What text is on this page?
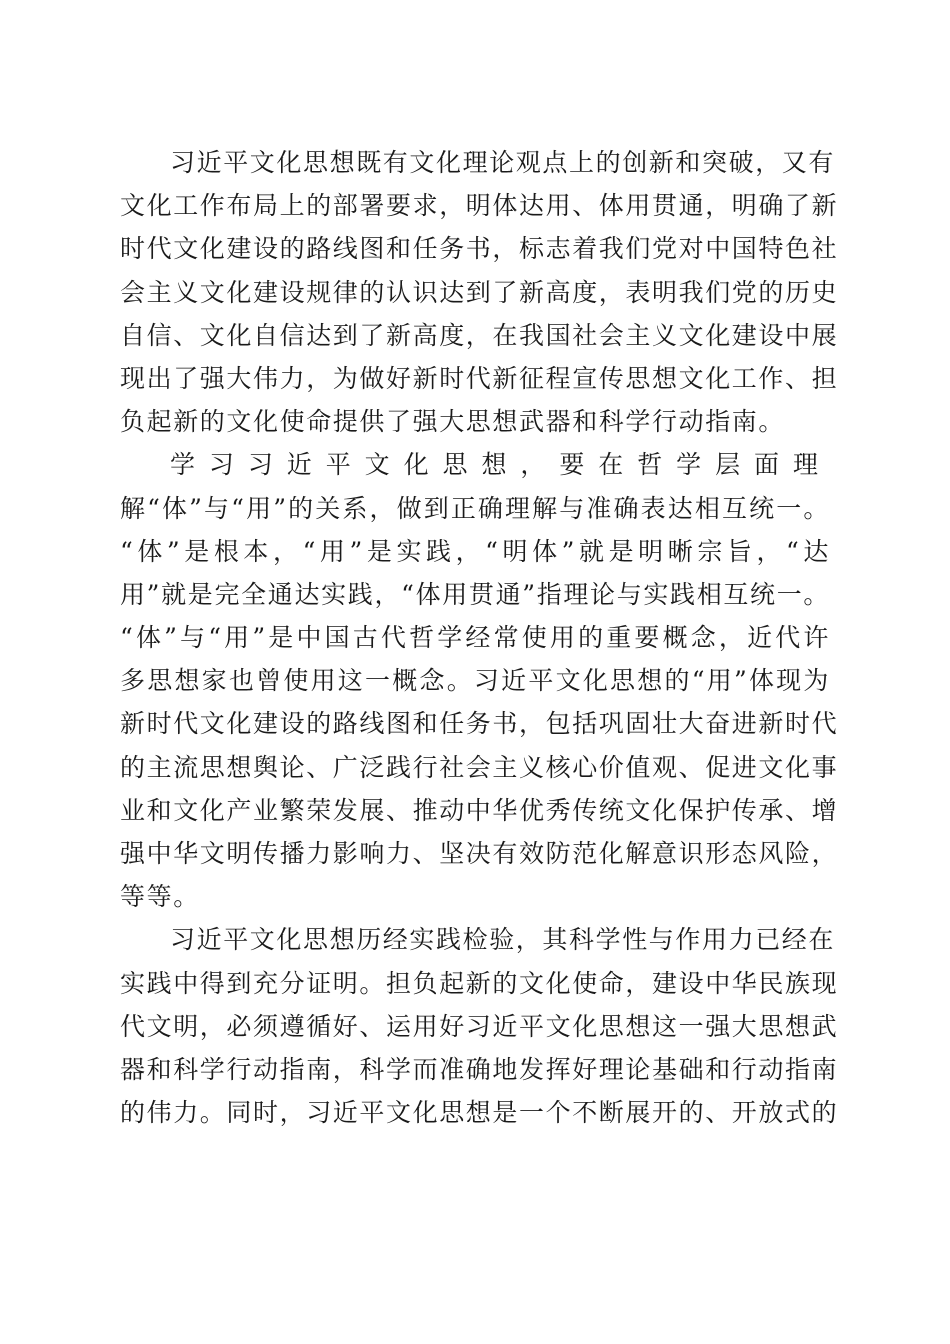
习近平文化思想既有文化理论观点上的创新和突破，又有
文化工作布局上的部署要求，明体达用、体用贯通，明确了新
时代文化建设的路线图和任务书，标志着我们党对中国特色社
会主义文化建设规律的认识达到了新高度，表明我们党的历史
自信、文化自信达到了新高度，在我国社会主义文化建设中展
现出了强大伟力，为做好新时代新征程宣传思想文化工作、担
负起新的文化使命提供了强大思想武器和科学行动指南。
学习习近平文化思想，要在哲学层面理
解“体”与“用”的关系，做到正确理解与准确表达相互统一。
“体”是根本，“用”是实践，“明体”就是明晰宗旨，“达
用”就是完全通达实践，“体用贯通”指理论与实践相互统一。
“体”与“用”是中国古代哲学经常使用的重要概念，近代许
多思想家也曾使用这一概念。习近平文化思想的“用”体现为
新时代文化建设的路线图和任务书，包括巩固壮大奋进新时代
的主流思想舆论、广泛践行社会主义核心价值观、促进文化事
业和文化产业繁荣发展、推动中华优秀传统文化保护传承、增
强中华文明传播力影响力、坚决有效防范化解意识形态风险，
等等。
习近平文化思想历经实践检验，其科学性与作用力已经在
实践中得到充分证明。担负起新的文化使命，建设中华民族现
代文明，必须遵循好、运用好习近平文化思想这一强大思想武
器和科学行动指南，科学而准确地发挥好理论基础和行动指南
的伟力。同时，习近平文化思想是一个不断展开的、开放式的
